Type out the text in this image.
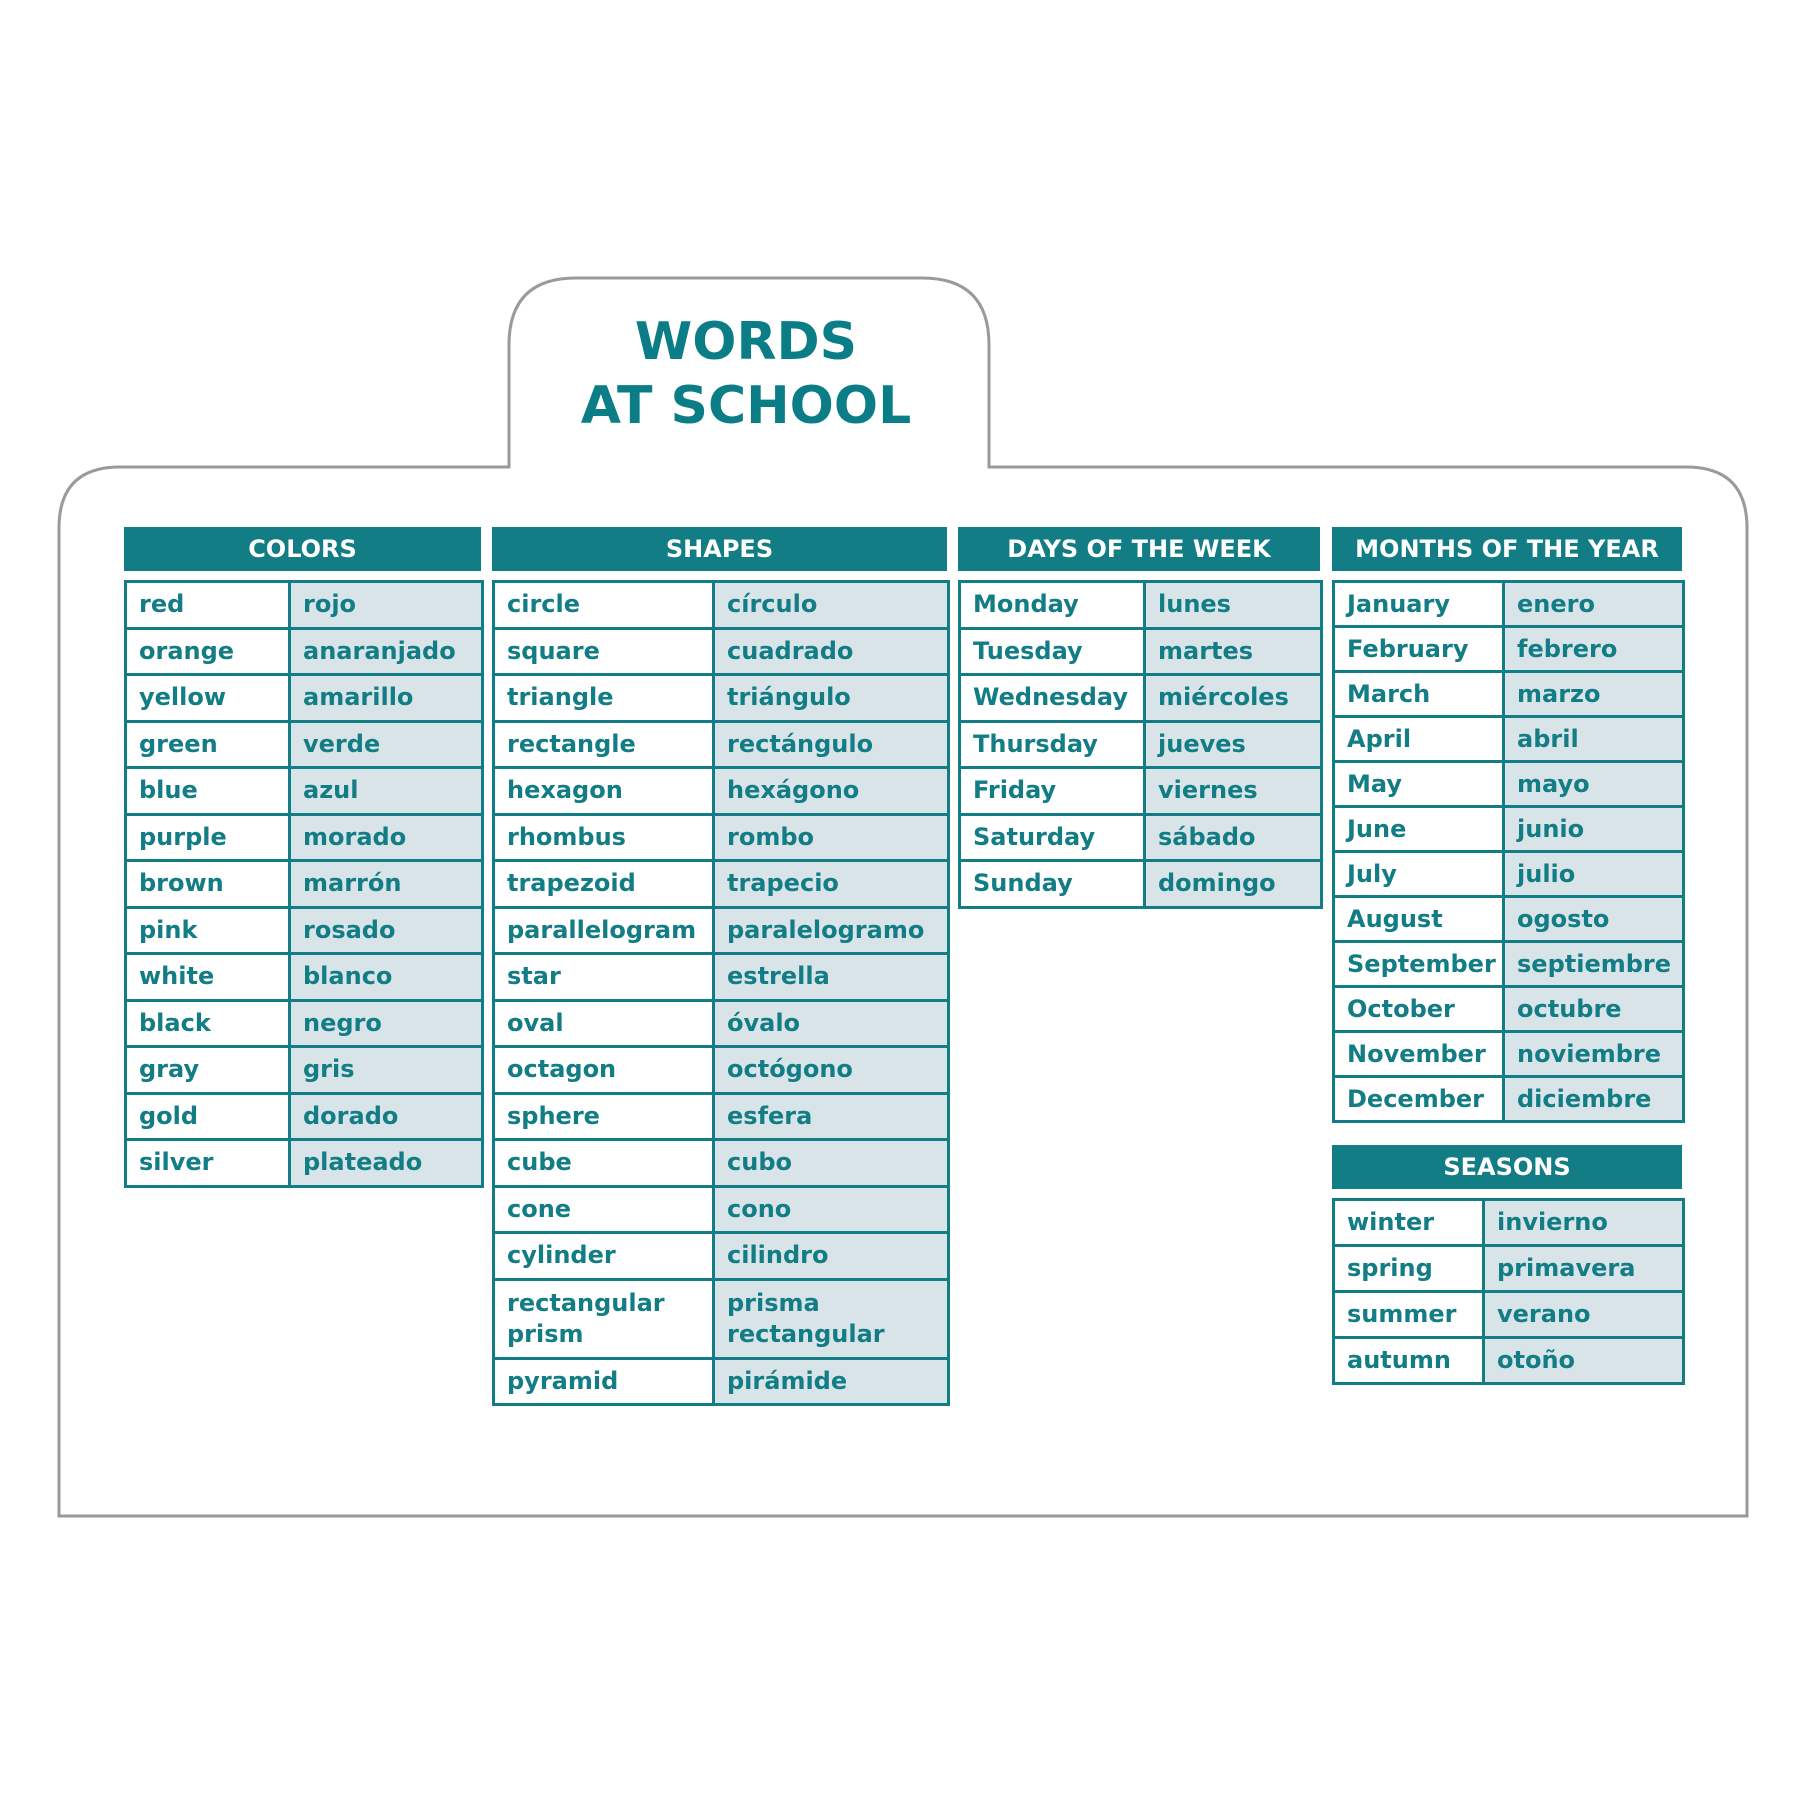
WORDS
AT SCHOOL
COLORS
red	rojo
orange	anaranjado
yellow	amarillo
green	verde
blue	azul
purple	morado
brown	marrón
pink	rosado
white	blanco
black	negro
gray	gris
gold	dorado
silver	plateado
SHAPES
circle	círculo
square	cuadrado
triangle	triángulo
rectangle	rectángulo
hexagon	hexágono
rhombus	rombo
trapezoid	trapecio
parallelogram	paralelogramo
star	estrella
oval	óvalo
octagon	octógono
sphere	esfera
cube	cubo
cone	cono
cylinder	cilindro
rectangular prism	prisma rectangular
pyramid	pirámide
DAYS OF THE WEEK
Monday	lunes
Tuesday	martes
Wednesday	miércoles
Thursday	jueves
Friday	viernes
Saturday	sábado
Sunday	domingo
MONTHS OF THE YEAR
January	enero
February	febrero
March	marzo
April	abril
May	mayo
June	junio
July	julio
August	ogosto
September	septiembre
October	octubre
November	noviembre
December	diciembre
SEASONS
winter	invierno
spring	primavera
summer	verano
autumn	otoño
